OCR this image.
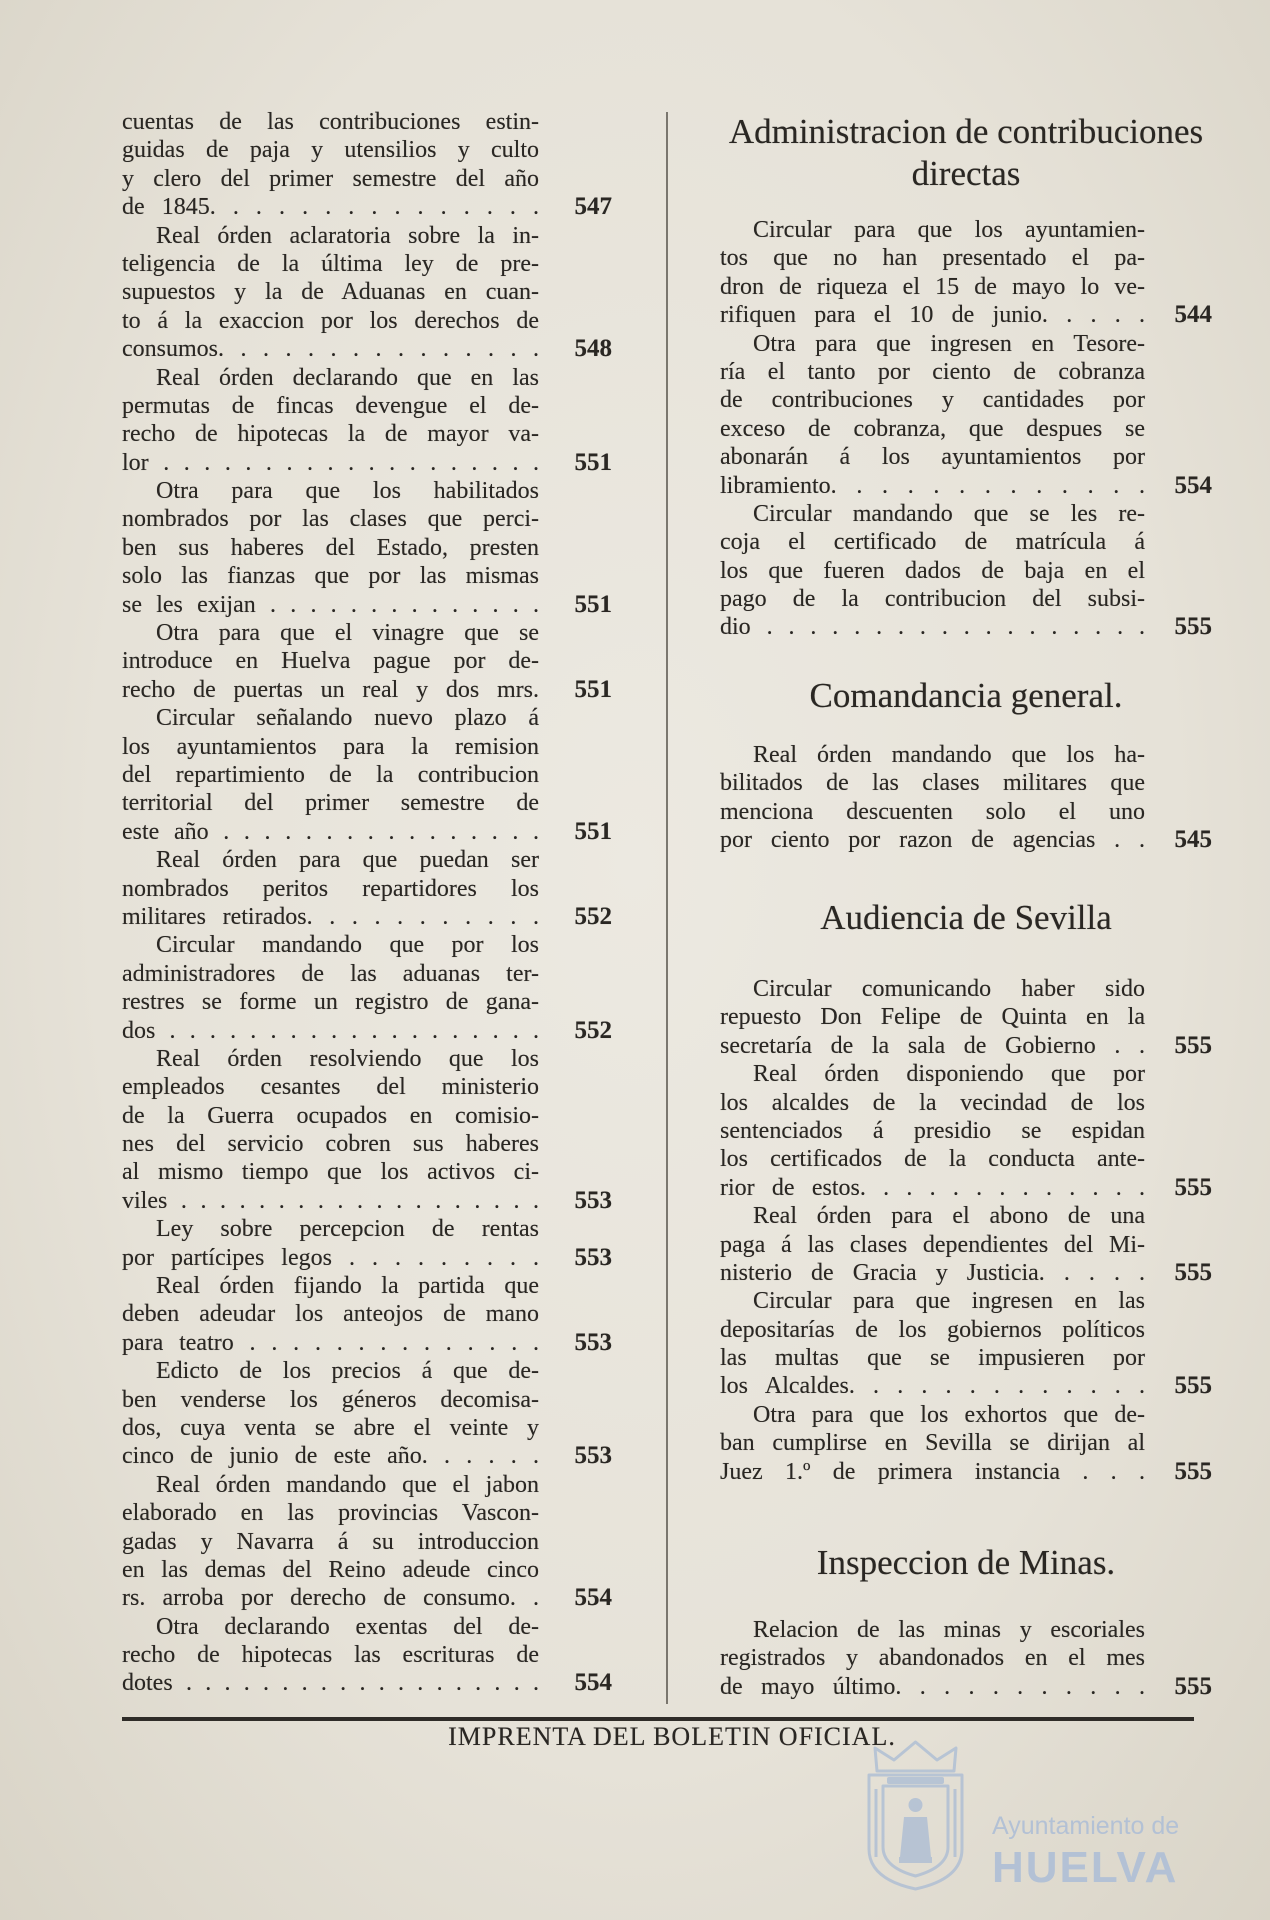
cuentas de las contribuciones estin-
guidas de paja y utensilios y culto
y clero del primer semestre del año
de 1845. . . . . . . . . . . . . . .	547
Real órden aclaratoria sobre la in-
teligencia de la última ley de pre-
supuestos y la de Aduanas en cuan-
to á la exaccion por los derechos de
consumos. . . . . . . . . . . . . . .	548
Real órden declarando que en las
permutas de fincas devengue el de-
recho de hipotecas la de mayor va-
lor . . . . . . . . . . . . . . . . . . .	551
Otra para que los habilitados
nombrados por las clases que perci-
ben sus haberes del Estado, presten
solo las fianzas que por las mismas
se les exijan . . . . . . . . . . . . . .	551
Otra para que el vinagre que se
introduce en Huelva pague por de-
recho de puertas un real y dos mrs.	551
Circular señalando nuevo plazo á
los ayuntamientos para la remision
del repartimiento de la contribucion
territorial del primer semestre de
este año . . . . . . . . . . . . . . . .	551
Real órden para que puedan ser
nombrados peritos repartidores los
militares retirados. . . . . . . . . . .	552
Circular mandando que por los
administradores de las aduanas ter-
restres se forme un registro de gana-
dos . . . . . . . . . . . . . . . . . . .	552
Real órden resolviendo que los
empleados cesantes del ministerio
de la Guerra ocupados en comisio-
nes del servicio cobren sus haberes
al mismo tiempo que los activos ci-
viles . . . . . . . . . . . . . . . . . . .	553
Ley sobre percepcion de rentas
por partícipes legos . . . . . . . . .	553
Real órden fijando la partida que
deben adeudar los anteojos de mano
para teatro . . . . . . . . . . . . . .	553
Edicto de los precios á que de-
ben venderse los géneros decomisa-
dos, cuya venta se abre el veinte y
cinco de junio de este año. . . . . .	553
Real órden mandando que el jabon
elaborado en las provincias Vascon-
gadas y Navarra á su introduccion
en las demas del Reino adeude cinco
rs. arroba por derecho de consumo. .	554
Otra declarando exentas del de-
recho de hipotecas las escrituras de
dotes . . . . . . . . . . . . . . . . . . .	554
Administracion de contribuciones
directas
Circular para que los ayuntamien-
tos que no han presentado el pa-
dron de riqueza el 15 de mayo lo ve-
rifiquen para el 10 de junio. . . . .	544
Otra para que ingresen en Tesore-
ría el tanto por ciento de cobranza
de contribuciones y cantidades por
exceso de cobranza, que despues se
abonarán á los ayuntamientos por
libramiento. . . . . . . . . . . . .	554
Circular mandando que se les re-
coja el certificado de matrícula á
los que fueren dados de baja en el
pago de la contribucion del subsi-
dio . . . . . . . . . . . . . . . . . .	555
Comandancia general.
Real órden mandando que los ha-
bilitados de las clases militares que
menciona descuenten solo el uno
por ciento por razon de agencias . .	545
Audiencia de Sevilla
Circular comunicando haber sido
repuesto Don Felipe de Quinta en la
secretaría de la sala de Gobierno . .	555
Real órden disponiendo que por
los alcaldes de la vecindad de los
sentenciados á presidio se espidan
los certificados de la conducta ante-
rior de estos. . . . . . . . . . . . .	555
Real órden para el abono de una
paga á las clases dependientes del Mi-
nisterio de Gracia y Justicia. . . . .	555
Circular para que ingresen en las
depositarías de los gobiernos políticos
las multas que se impusieren por
los Alcaldes. . . . . . . . . . . . .	555
Otra para que los exhortos que de-
ban cumplirse en Sevilla se dirijan al
Juez 1.º de primera instancia . . .	555
Inspeccion de Minas.
Relacion de las minas y escoriales
registrados y abandonados en el mes
de mayo último. . . . . . . . . . .	555
IMPRENTA DEL BOLETIN OFICIAL.
Ayuntamiento de
HUELVA
